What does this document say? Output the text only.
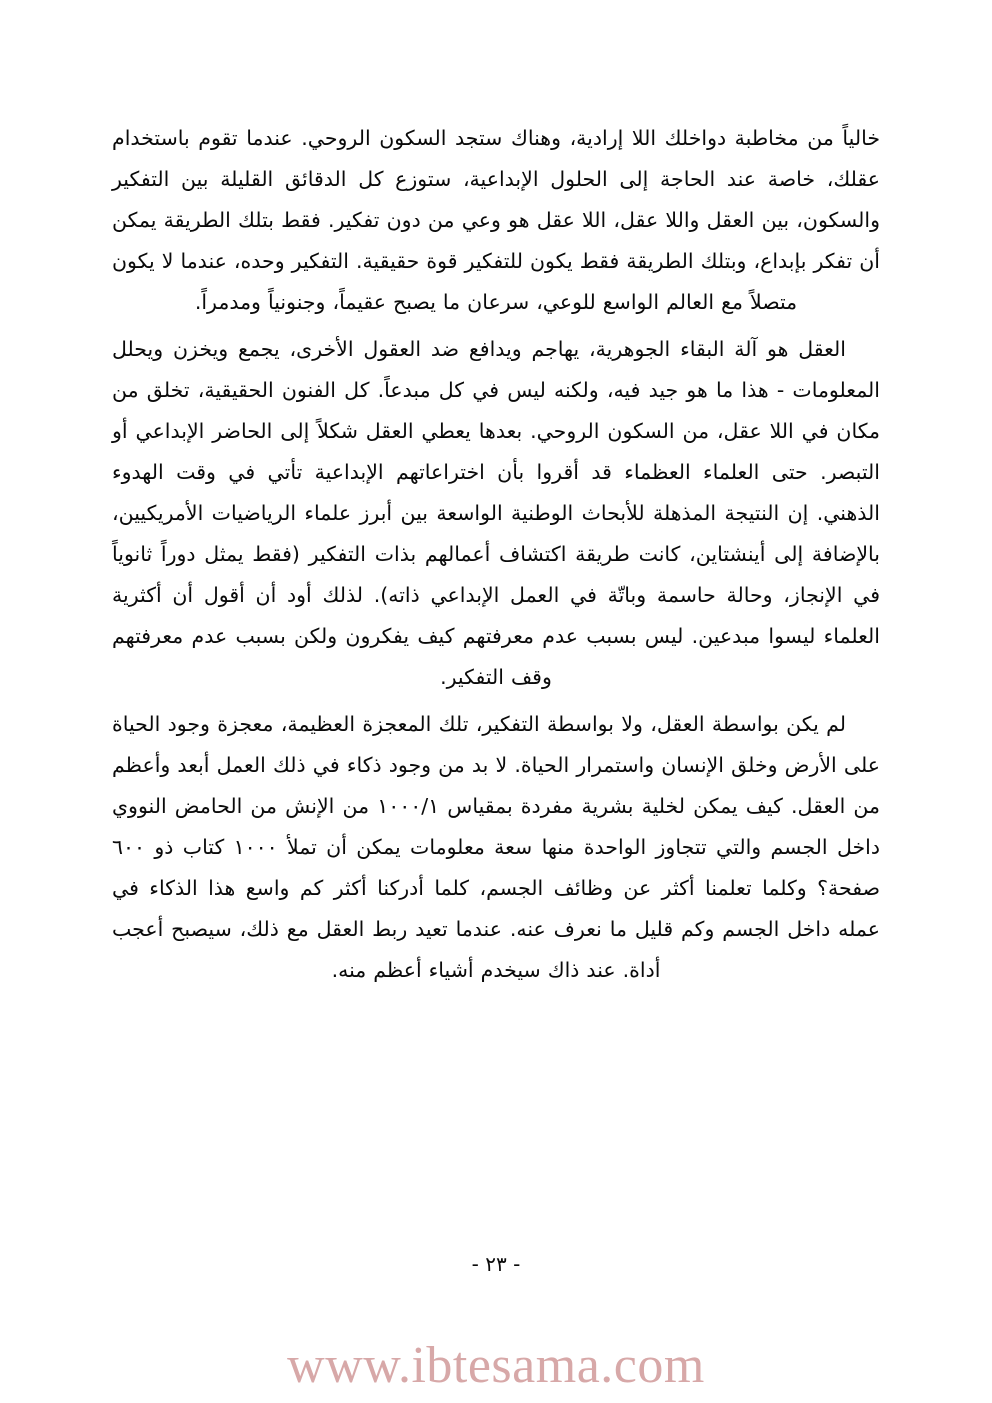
خالياً من مخاطبة دواخلك اللا إرادية، وهناك ستجد السكون الروحي. عندما تقوم باستخدام عقلك، خاصة عند الحاجة إلى الحلول الإبداعية، ستوزع كل الدقائق القليلة بين التفكير والسكون، بين العقل واللا عقل، اللا عقل هو وعي من دون تفكير. فقط بتلك الطريقة يمكن أن تفكر بإبداع، وبتلك الطريقة فقط يكون للتفكير قوة حقيقية. التفكير وحده، عندما لا يكون متصلاً مع العالم الواسع للوعي، سرعان ما يصبح عقيماً، وجنونياً ومدمراً.

العقل هو آلة البقاء الجوهرية، يهاجم ويدافع ضد العقول الأخرى، يجمع ويخزن ويحلل المعلومات - هذا ما هو جيد فيه، ولكنه ليس في كل مبدعاً. كل الفنون الحقيقية، تخلق من مكان في اللا عقل، من السكون الروحي. بعدها يعطي العقل شكلاً إلى الحاضر الإبداعي أو التبصر. حتى العلماء العظماء قد أقروا بأن اختراعاتهم الإبداعية تأتي في وقت الهدوء الذهني. إن النتيجة المذهلة للأبحاث الوطنية الواسعة بين أبرز علماء الرياضيات الأمريكيين، بالإضافة إلى أينشتاين، كانت طريقة اكتشاف أعمالهم بذات التفكير (فقط يمثل دوراً ثانوياً في الإنجاز، وحالة حاسمة وباتّة في العمل الإبداعي ذاته). لذلك أود أن أقول أن أكثرية العلماء ليسوا مبدعين. ليس بسبب عدم معرفتهم كيف يفكرون ولكن بسبب عدم معرفتهم وقف التفكير.

لم يكن بواسطة العقل، ولا بواسطة التفكير، تلك المعجزة العظيمة، معجزة وجود الحياة على الأرض وخلق الإنسان واستمرار الحياة. لا بد من وجود ذكاء في ذلك العمل أبعد وأعظم من العقل. كيف يمكن لخلية بشرية مفردة بمقياس ١٠٠٠/١ من الإنش من الحامض النووي داخل الجسم والتي تتجاوز الواحدة منها سعة معلومات يمكن أن تملأ ١٠٠٠ كتاب ذو ٦٠٠ صفحة؟ وكلما تعلمنا أكثر عن وظائف الجسم، كلما أدركنا أكثر كم واسع هذا الذكاء في عمله داخل الجسم وكم قليل ما نعرف عنه. عندما تعيد ربط العقل مع ذلك، سيصبح أعجب أداة. عند ذاك سيخدم أشياء أعظم منه.

- ٢٣ -
www.ibtesama.com
